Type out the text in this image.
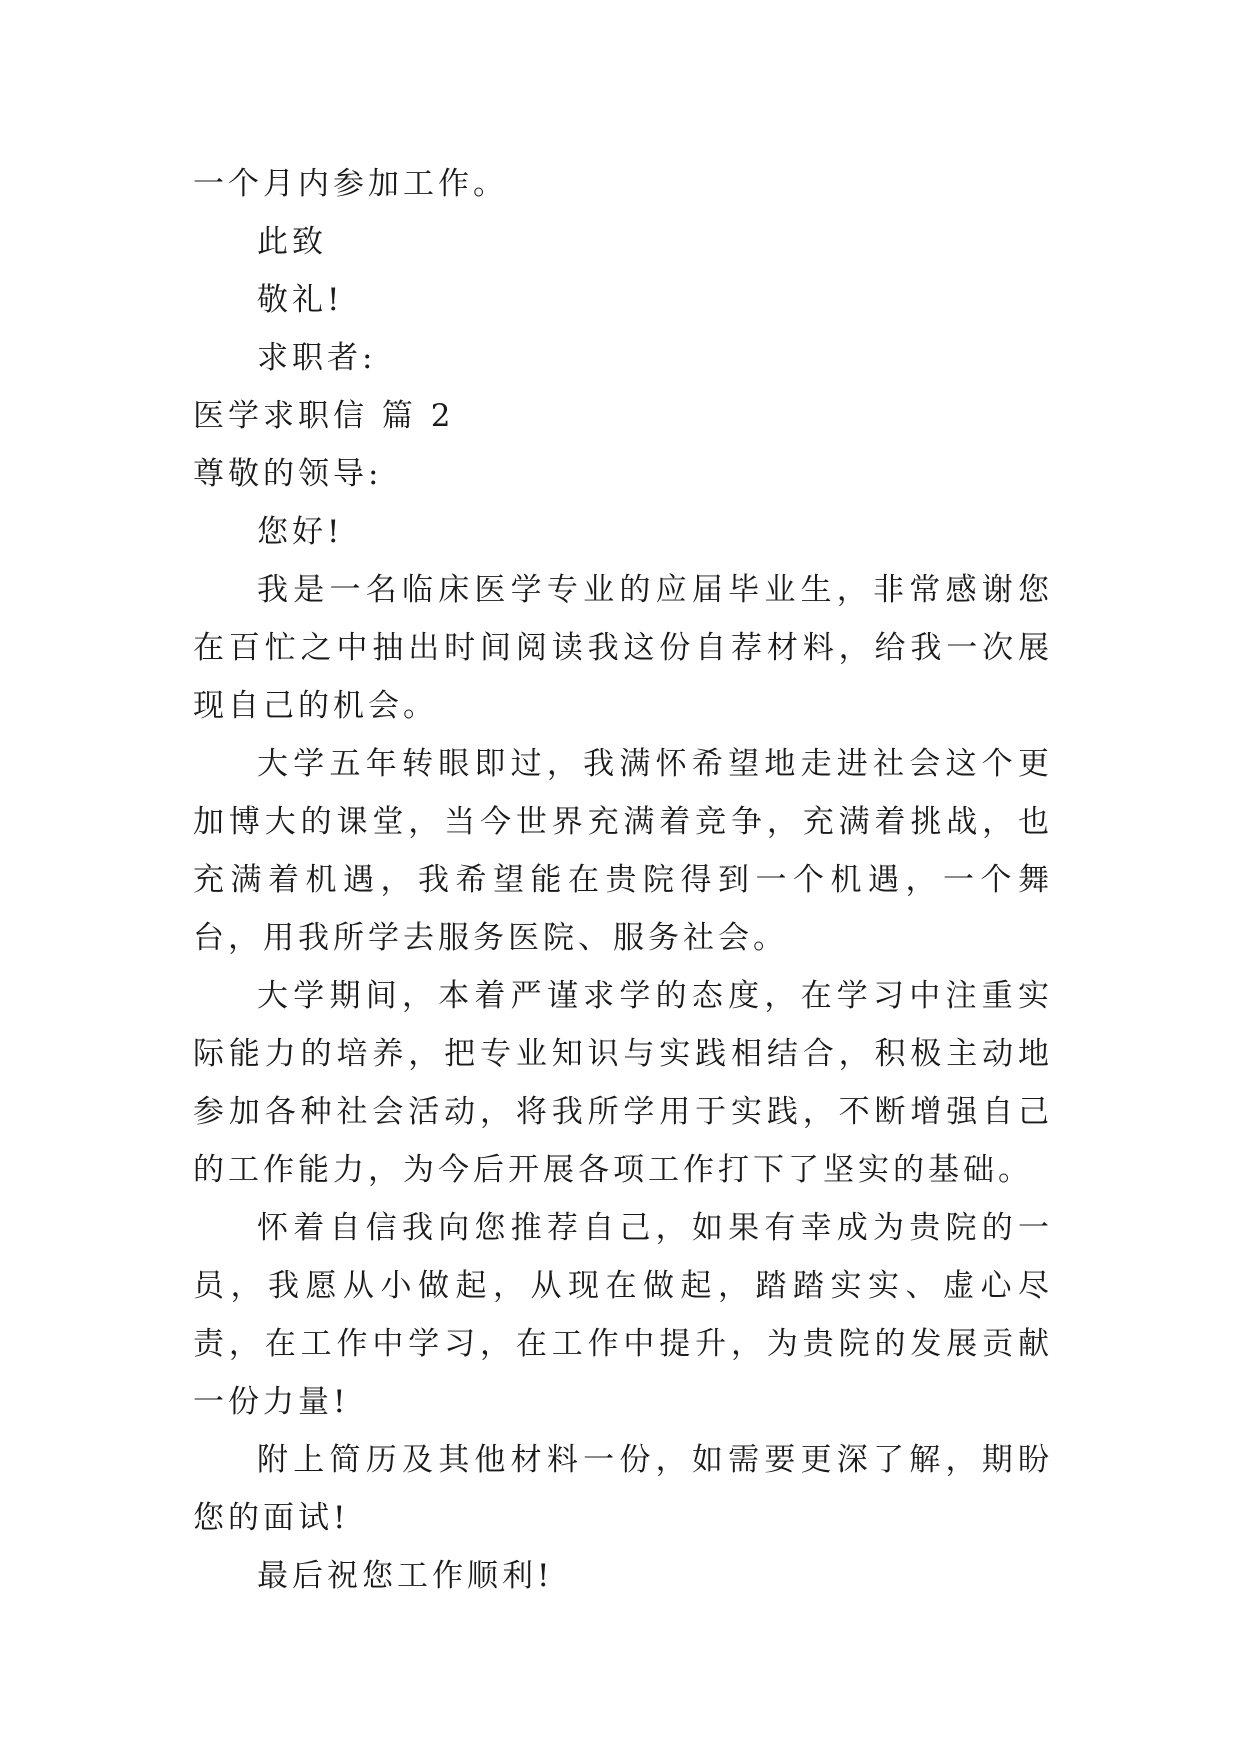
一个月内参加工作。
此致
敬礼!
求职者:
医学求职信 篇 2
尊敬的领导:
您好!

我是一名临床医学专业的应届毕业生，非常感谢您在百忙之中抽出时间阅读我这份自荐材料，给我一次展现自己的机会。

大学五年转眼即过，我满怀希望地走进社会这个更加博大的课堂，当今世界充满着竞争，充满着挑战，也充满着机遇，我希望能在贵院得到一个机遇，一个舞台，用我所学去服务医院、服务社会。

大学期间，本着严谨求学的态度，在学习中注重实际能力的培养，把专业知识与实践相结合，积极主动地参加各种社会活动，将我所学用于实践，不断增强自己的工作能力，为今后开展各项工作打下了坚实的基础。

怀着自信我向您推荐自己，如果有幸成为贵院的一员，我愿从小做起，从现在做起，踏踏实实、虚心尽责，在工作中学习，在工作中提升，为贵院的发展贡献一份力量!

附上简历及其他材料一份，如需要更深了解，期盼您的面试!

最后祝您工作顺利!
